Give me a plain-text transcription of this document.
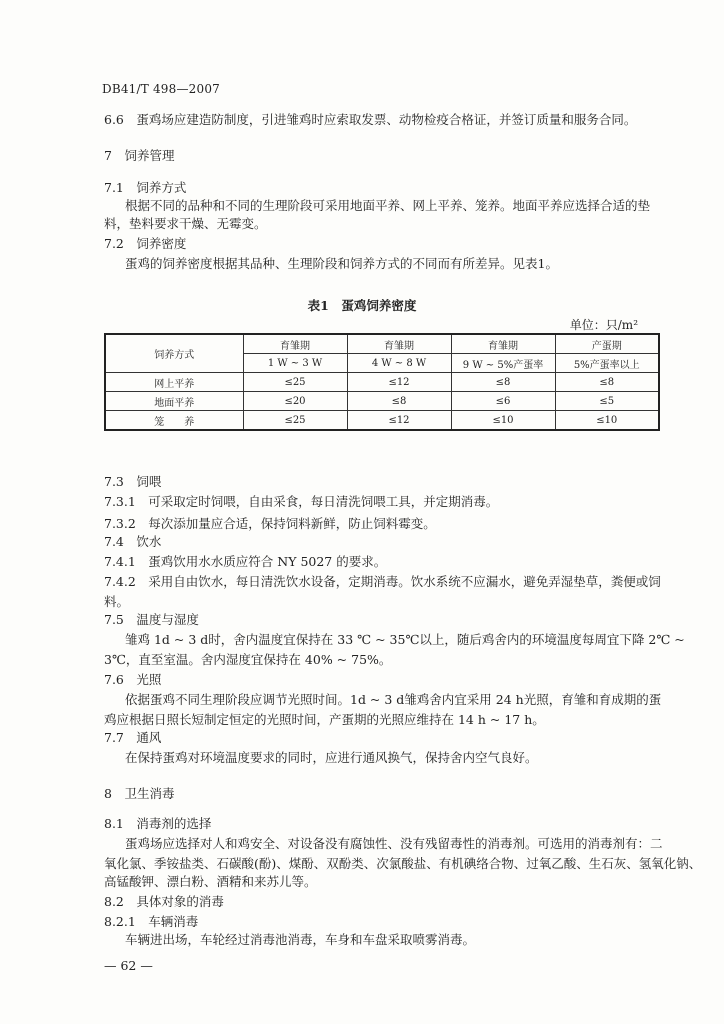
DB41/T 498—2007
6.6　蛋鸡场应建造防制度，引进雏鸡时应索取发票、动物检疫合格证，并签订质量和服务合同。
7　饲养管理
7.1　饲养方式
根据不同的品种和不同的生理阶段可采用地面平养、网上平养、笼养。地面平养应选择合适的垫
料，垫料要求干燥、无霉变。
7.2　饲养密度
蛋鸡的饲养密度根据其品种、生理阶段和饲养方式的不同而有所差异。见表1。
表1　蛋鸡饲养密度
单位：只/m²
饲养方式	育雏期	育雏期	育雏期	产蛋期
	1 W ~ 3 W	4 W ~ 8 W	9 W ~ 5%产蛋率	5%产蛋率以上
网上平养	≤25	≤12	≤8	≤8
地面平养	≤20	≤8	≤6	≤5
笼　　养	≤25	≤12	≤10	≤10
7.3　饲喂
7.3.1　可采取定时饲喂，自由采食，每日清洗饲喂工具，并定期消毒。
7.3.2　每次添加量应合适，保持饲料新鲜，防止饲料霉变。
7.4　饮水
7.4.1　蛋鸡饮用水水质应符合 NY 5027 的要求。
7.4.2　采用自由饮水，每日清洗饮水设备，定期消毒。饮水系统不应漏水，避免弄湿垫草，粪便或饲
料。
7.5　温度与湿度
雏鸡 1d ~ 3 d时，舍内温度宜保持在 33 ℃ ~ 35℃以上，随后鸡舍内的环境温度每周宜下降 2℃ ~
3℃，直至室温。舍内湿度宜保持在 40% ~ 75%。
7.6　光照
依据蛋鸡不同生理阶段应调节光照时间。1d ~ 3 d雏鸡舍内宜采用 24 h光照，育雏和育成期的蛋
鸡应根据日照长短制定恒定的光照时间，产蛋期的光照应维持在 14 h ~ 17 h。
7.7　通风
在保持蛋鸡对环境温度要求的同时，应进行通风换气，保持舍内空气良好。
8　卫生消毒
8.1　消毒剂的选择
蛋鸡场应选择对人和鸡安全、对设备没有腐蚀性、没有残留毒性的消毒剂。可选用的消毒剂有：二
氧化氯、季铵盐类、石碳酸(酚)、煤酚、双酚类、次氯酸盐、有机碘络合物、过氧乙酸、生石灰、氢氧化钠、
高锰酸钾、漂白粉、酒精和来苏儿等。
8.2　具体对象的消毒
8.2.1　车辆消毒
车辆进出场，车轮经过消毒池消毒，车身和车盘采取喷雾消毒。
— 62 —
